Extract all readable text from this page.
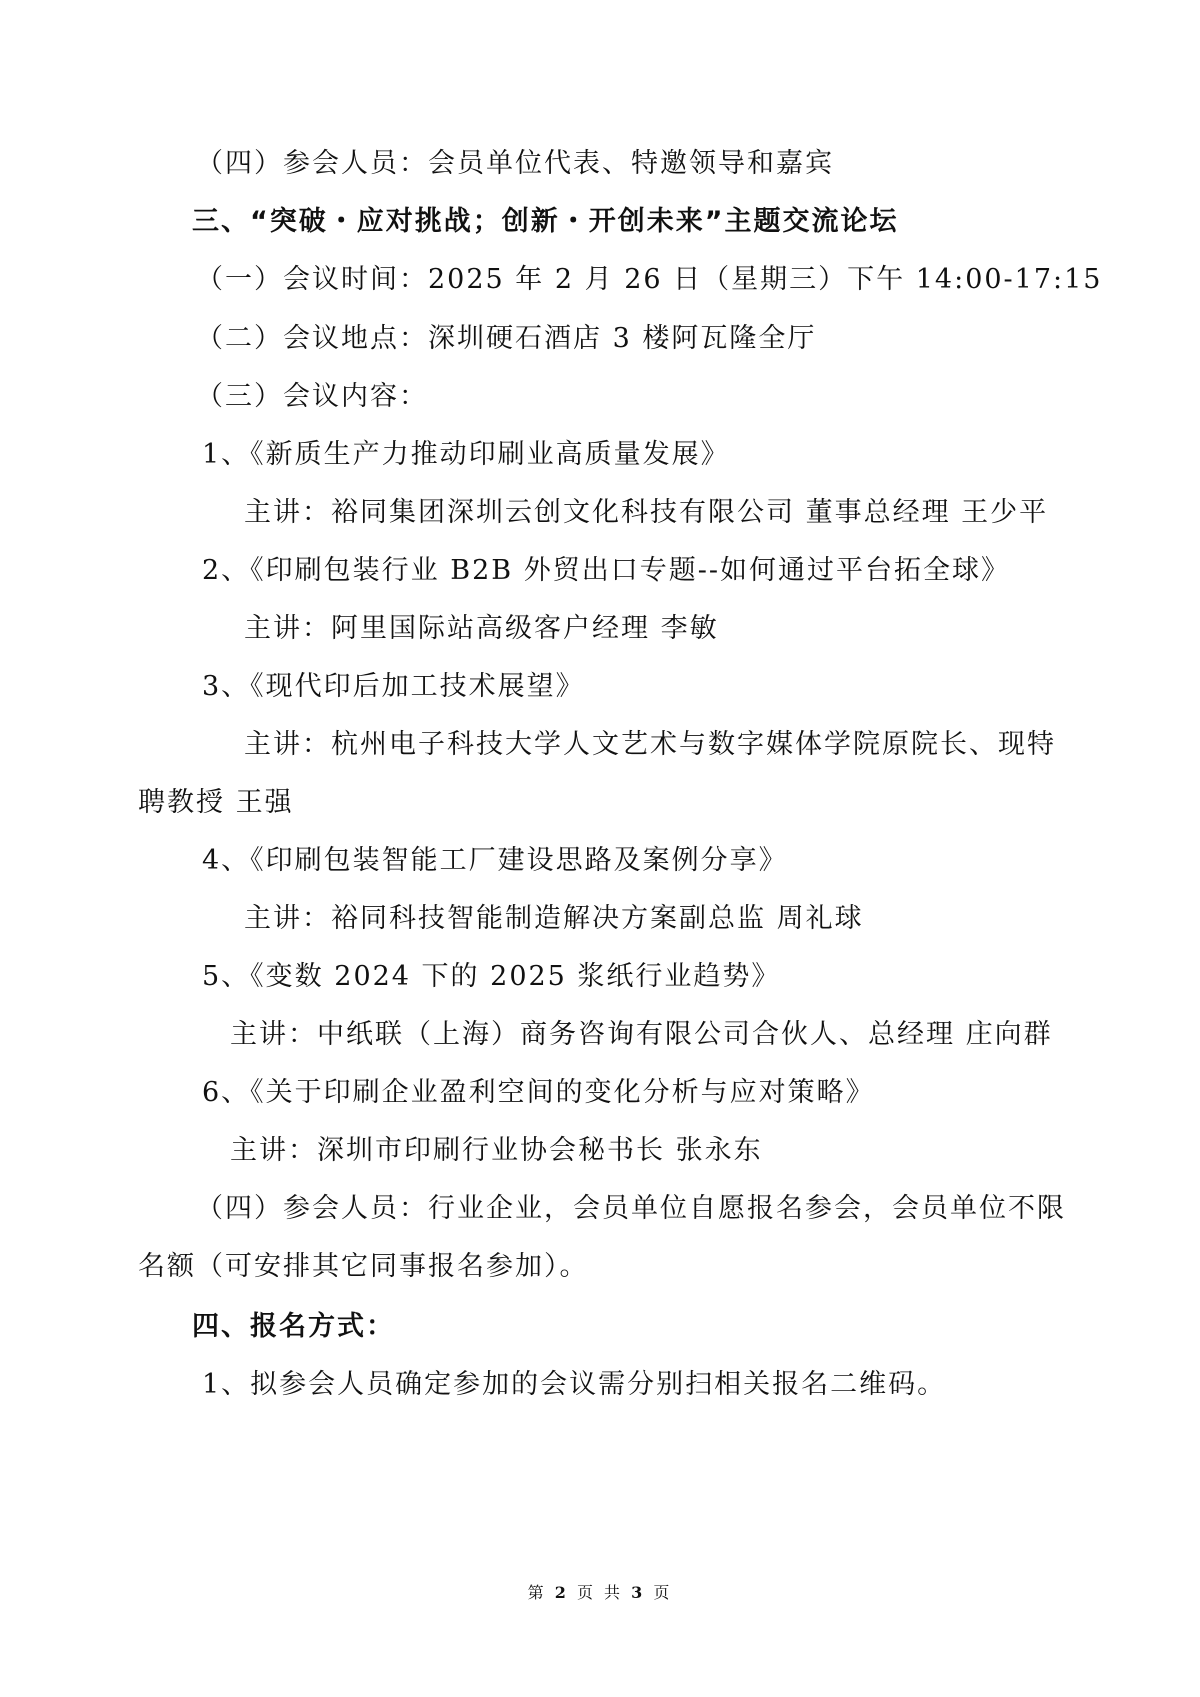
（四）参会人员：会员单位代表、特邀领导和嘉宾
三、“突破・应对挑战；创新・开创未来”主题交流论坛
（一）会议时间：2025 年 2 月 26 日（星期三）下午 14:00-17:15
（二）会议地点：深圳硬石酒店 3 楼阿瓦隆全厅
（三）会议内容：
1、《新质生产力推动印刷业高质量发展》
主讲：裕同集团深圳云创文化科技有限公司 董事总经理 王少平
2、《印刷包装行业 B2B 外贸出口专题--如何通过平台拓全球》
主讲：阿里国际站高级客户经理 李敏
3、《现代印后加工技术展望》
主讲：杭州电子科技大学人文艺术与数字媒体学院原院长、现特
聘教授 王强
4、《印刷包装智能工厂建设思路及案例分享》
主讲：裕同科技智能制造解决方案副总监 周礼球
5、《变数 2024 下的 2025 浆纸行业趋势》
主讲：中纸联（上海）商务咨询有限公司合伙人、总经理 庄向群
6、《关于印刷企业盈利空间的变化分析与应对策略》
主讲：深圳市印刷行业协会秘书长 张永东
（四）参会人员：行业企业，会员单位自愿报名参会，会员单位不限
名额（可安排其它同事报名参加）。
四、报名方式：
1、拟参会人员确定参加的会议需分别扫相关报名二维码。
第 2 页 共 3 页
